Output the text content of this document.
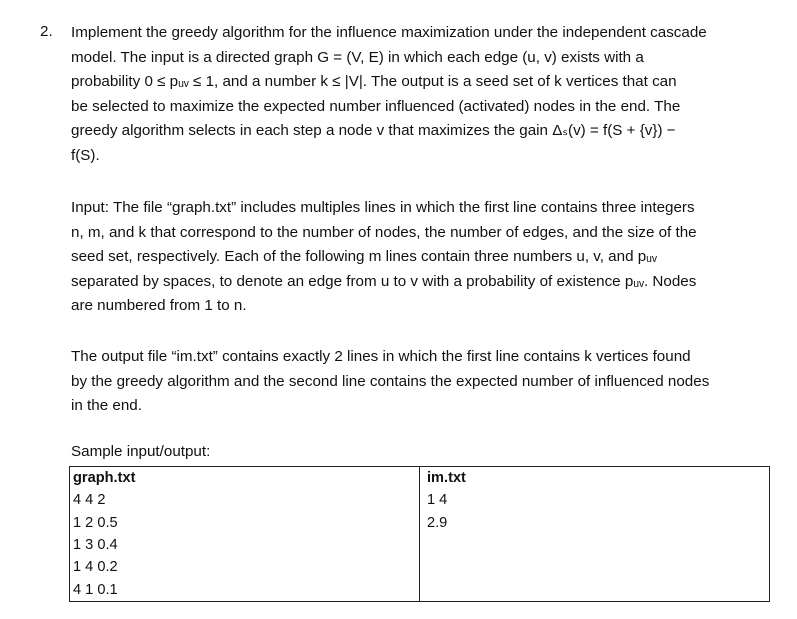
2. Implement the greedy algorithm for the influence maximization under the independent cascade
model. The input is a directed graph G = (V, E) in which each edge (u, v) exists with a
probability 0 ≤ pᵤᵥ ≤ 1, and a number k ≤ |V|. The output is a seed set of k vertices that can
be selected to maximize the expected number influenced (activated) nodes in the end. The
greedy algorithm selects in each step a node v that maximizes the gain Δₛ(v) = f(S + {v}) −
f(S).
Input: The file “graph.txt” includes multiples lines in which the first line contains three integers
n, m, and k that correspond to the number of nodes, the number of edges, and the size of the
seed set, respectively. Each of the following m lines contain three numbers u, v, and pᵤᵥ
separated by spaces, to denote an edge from u to v with a probability of existence pᵤᵥ. Nodes
are numbered from 1 to n.
The output file “im.txt” contains exactly 2 lines in which the first line contains k vertices found
by the greedy algorithm and the second line contains the expected number of influenced nodes
in the end.
Sample input/output:
graph.txt	im.txt
4 4 2	1 4
1 2 0.5	2.9
1 3 0.4	
1 4 0.2	
4 1 0.1	
